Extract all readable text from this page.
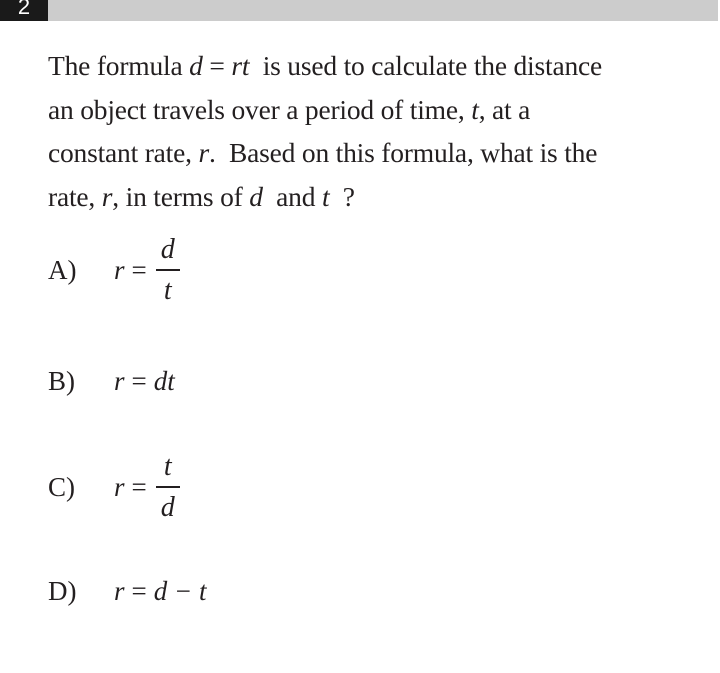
2
The formula d = rt  is used to calculate the distance
an object travels over a period of time, t, at a
constant rate, r.  Based on this formula, what is the
rate, r, in terms of d  and t  ?
A)	$r = \frac{d}{t}$
B)	r = dt
C)	$r = \frac{t}{d}$
D)	r = d − t
